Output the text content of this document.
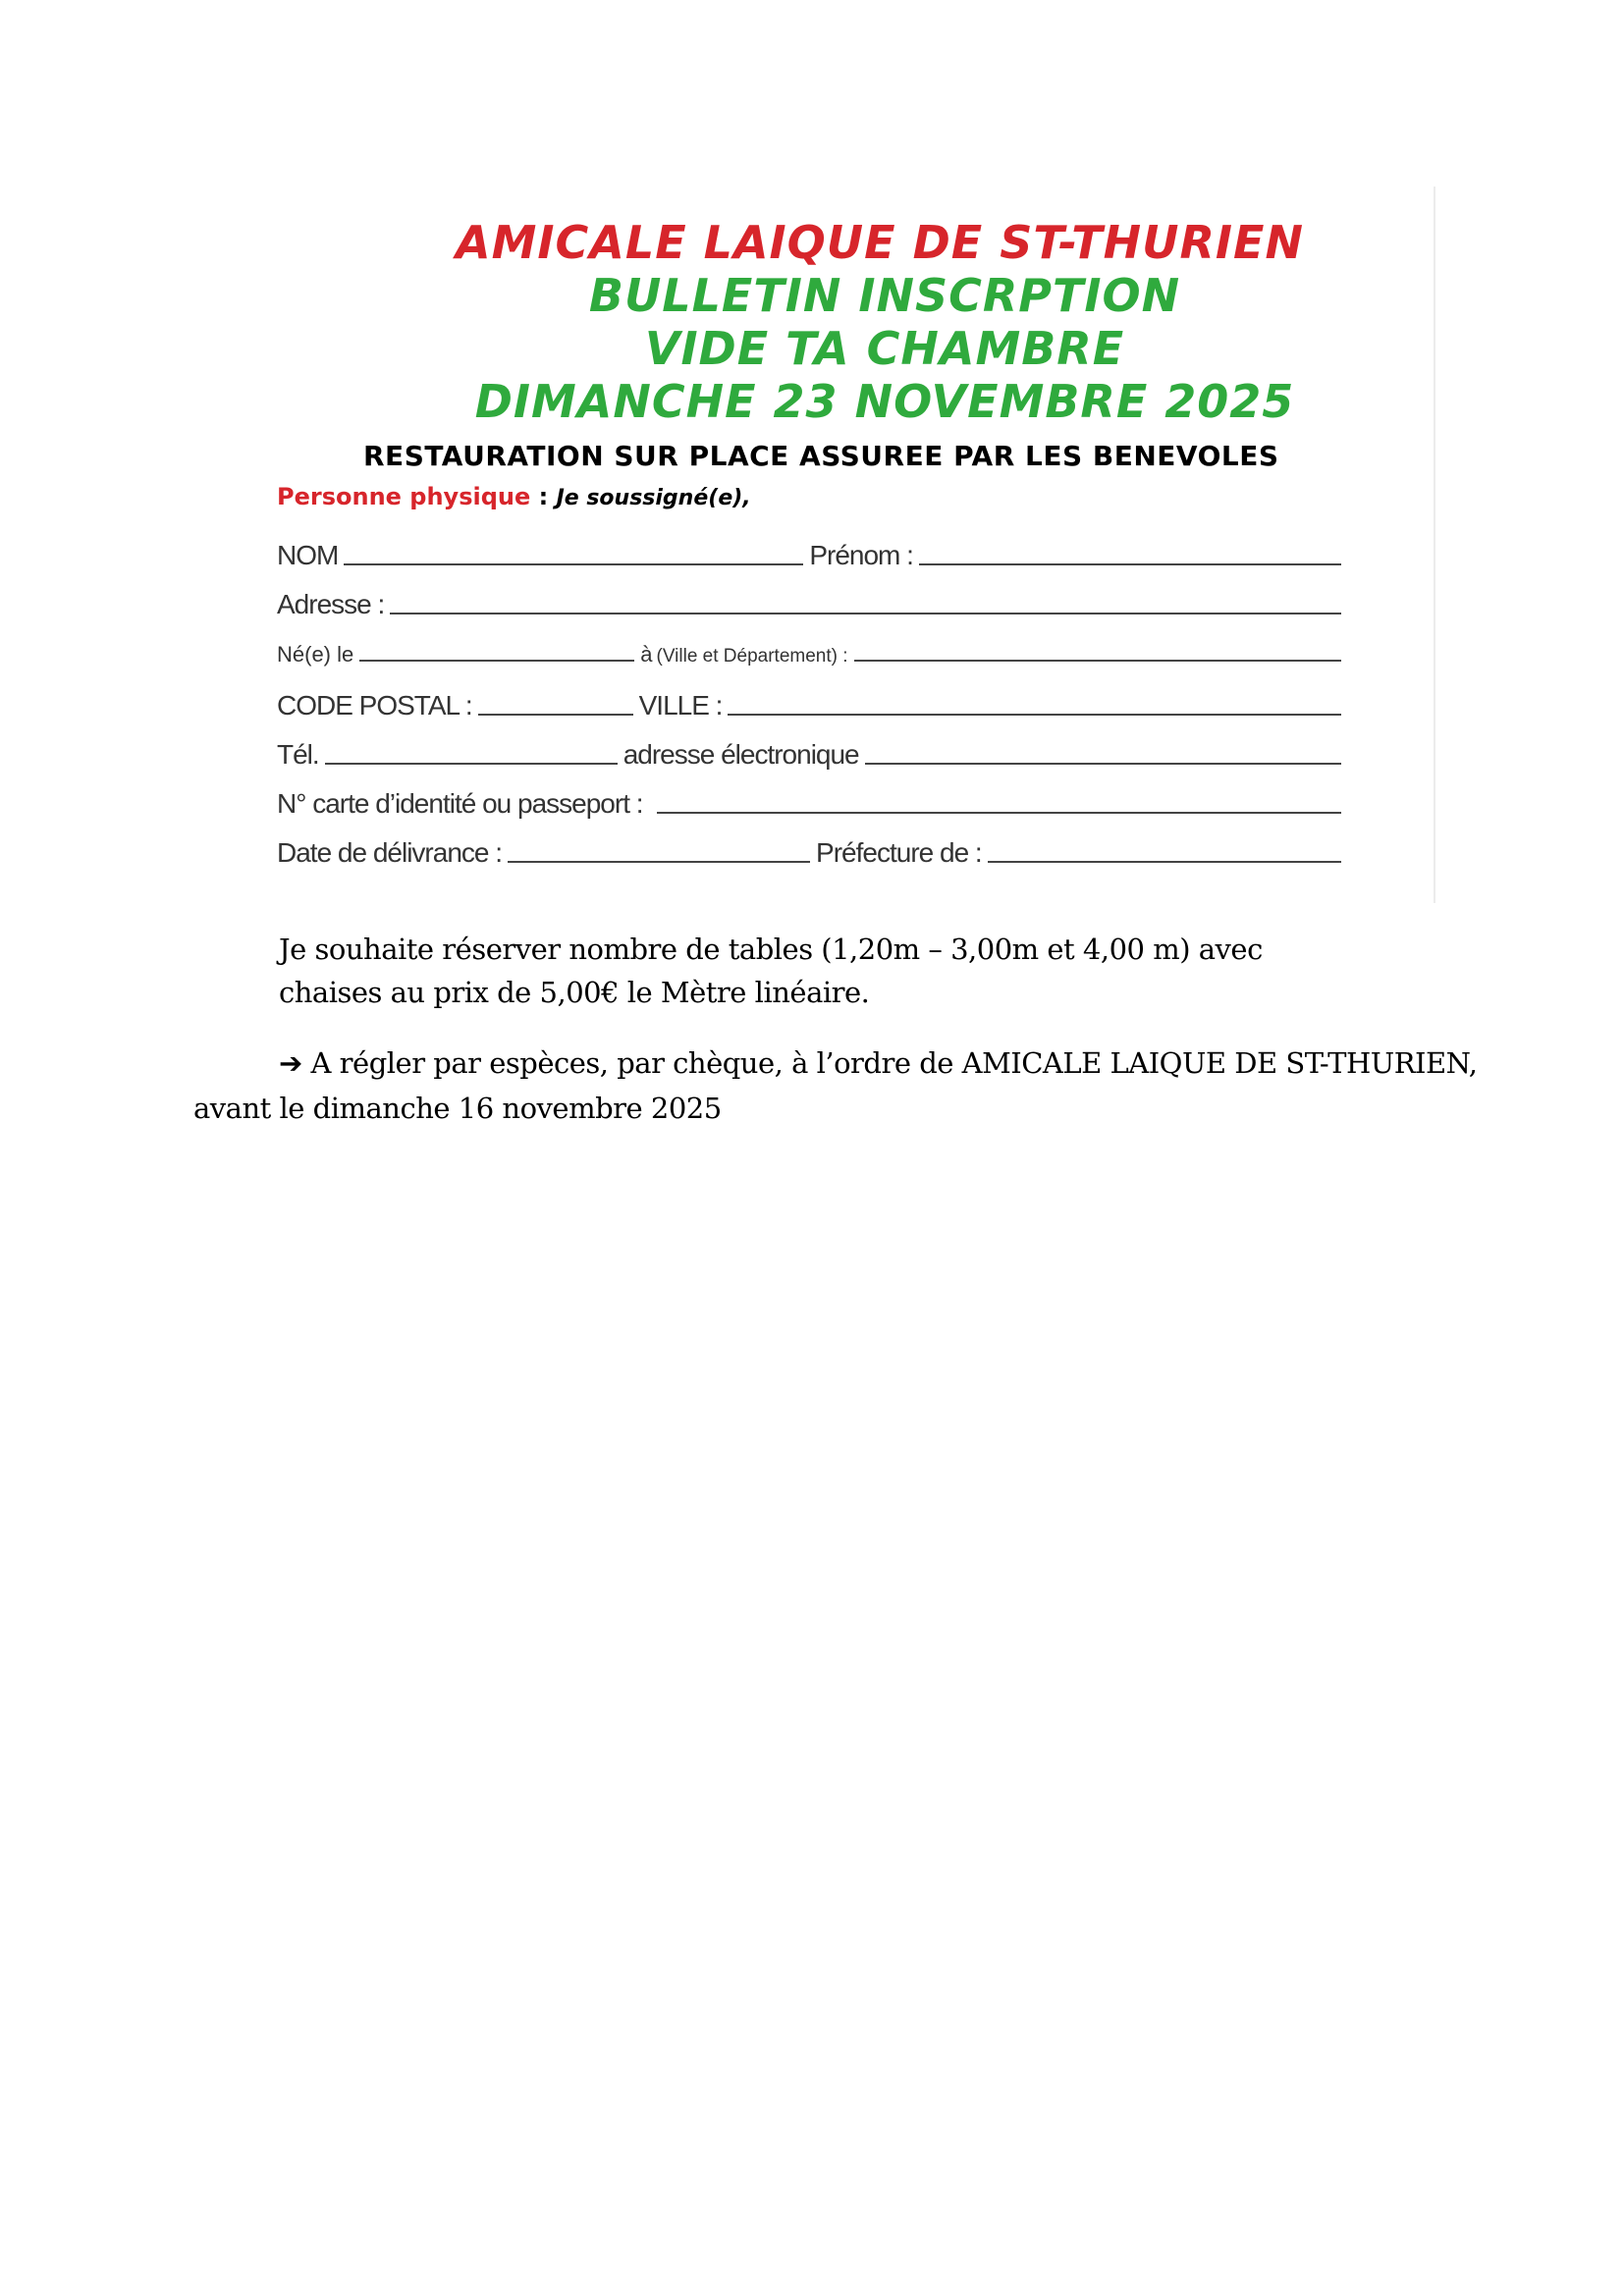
AMICALE LAIQUE DE ST-THURIEN
BULLETIN INSCRPTION
VIDE TA CHAMBRE
DIMANCHE 23 NOVEMBRE 2025
RESTAURATION SUR PLACE ASSUREE PAR LES BENEVOLES
Personne physique : Je soussigné(e),
NOM	Prénom :
Adresse :
Né(e) le	à (Ville et Département) :
CODE POSTAL :	VILLE :
Tél.	adresse électronique
N° carte d’identité ou passeport :
Date de délivrance :	Préfecture de :
Je souhaite réserver nombre de tables (1,20m – 3,00m et 4,00 m) avec
chaises au prix de 5,00€ le Mètre linéaire.
➔ A régler par espèces, par chèque, à l’ordre de AMICALE LAIQUE DE ST-THURIEN,
avant le dimanche 16 novembre 2025
